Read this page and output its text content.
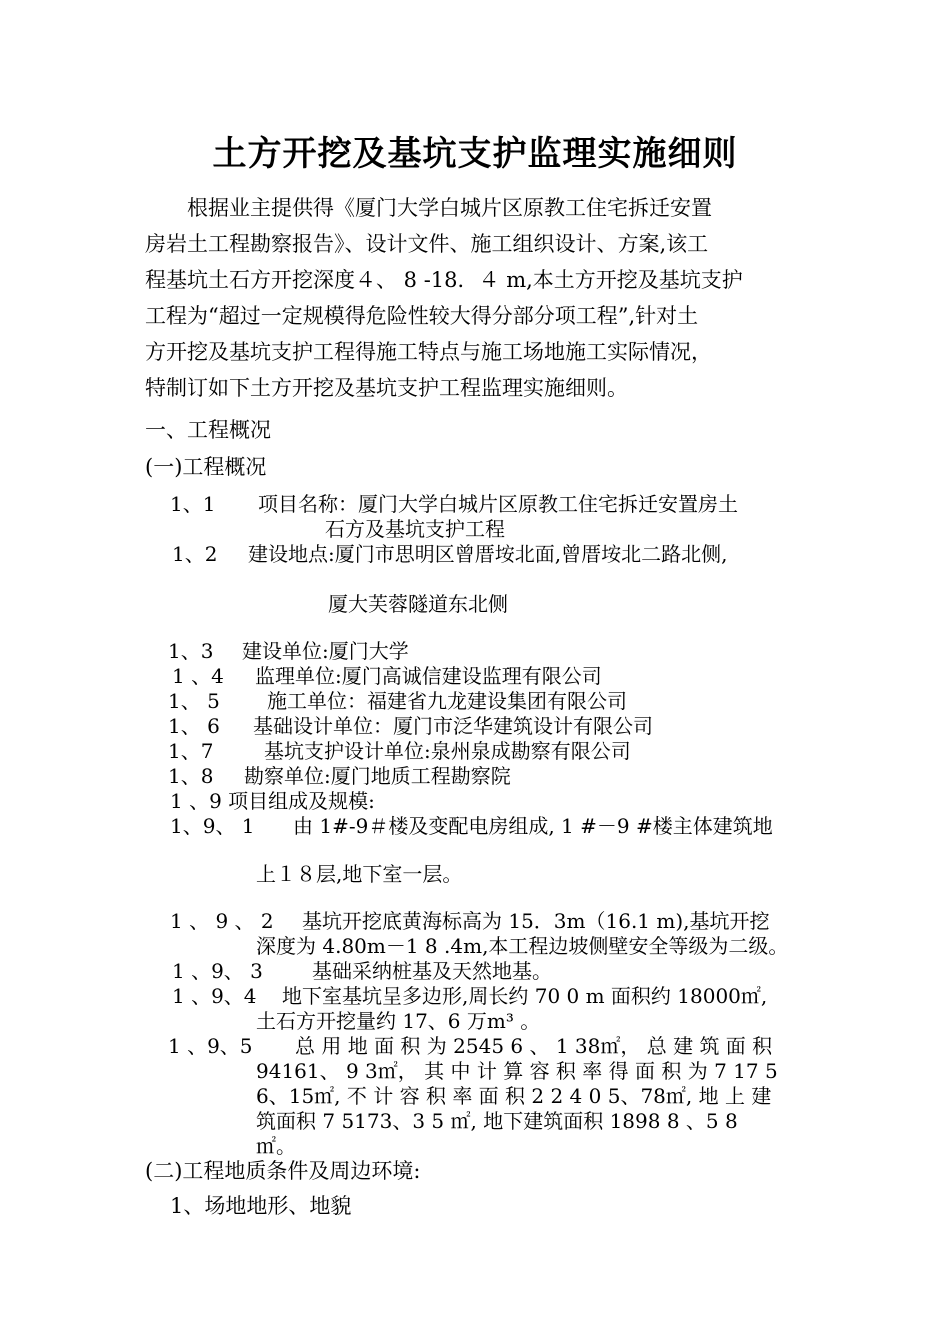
土方开挖及基坑支护监理实施细则
根据业主提供得《厦门大学白城片区原教工住宅拆迁安置
房岩土工程勘察报告》、设计文件、施工组织设计、方案,该工
程基坑土石方开挖深度４、 8 -18．４ m,本土方开挖及基坑支护
工程为“超过一定规模得危险性较大得分部分项工程”,针对土
方开挖及基坑支护工程得施工特点与施工场地施工实际情况，
特制订如下土方开挖及基坑支护工程监理实施细则。
一、工程概况
(一)工程概况
1、1 项目名称：厦门大学白城片区原教工住宅拆迁安置房土
石方及基坑支护工程
1、2 建设地点:厦门市思明区曾厝垵北面,曾厝垵北二路北侧,
厦大芙蓉隧道东北侧
1、3 建设单位:厦门大学
1 、4 监理单位:厦门高诚信建设监理有限公司
1、 5 施工单位：福建省九龙建设集团有限公司
1、 6 基础设计单位：厦门市泛华建筑设计有限公司
1、7	基坑支护设计单位:泉州泉成勘察有限公司
1、8 勘察单位:厦门地质工程勘察院
1 、9 项目组成及规模:
1、9、 1 由 1#-9＃楼及变配电房组成, 1 #－9 #楼主体建筑地
上１８层,地下室一层。
1 、 9 、 2 基坑开挖底黄海标高为 15．3m（16.1 m),基坑开挖
深度为 4.80m－1 8 .4m,本工程边坡侧壁安全等级为二级。
1 、9、 3 基础采纳桩基及天然地基。
1 、9、4 地下室基坑呈多边形,周长约 70 0 m 面积约 18000㎡,
土石方开挖量约 17、6 万m³ 。
1 、9、5 总 用 地 面 积 为 2545 6 、 1 38㎡， 总 建 筑 面 积
94161、 9 3㎡， 其 中 计 算 容 积 率 得 面 积 为 7 17 5
6、15㎡, 不 计 容 积 率 面 积 2 2 4 0 5、78㎡, 地 上 建
筑面积 7 5173、3 5 ㎡, 地下建筑面积 1898 8 、5 8
㎡。
(二)工程地质条件及周边环境:
1、场地地形、地貌
